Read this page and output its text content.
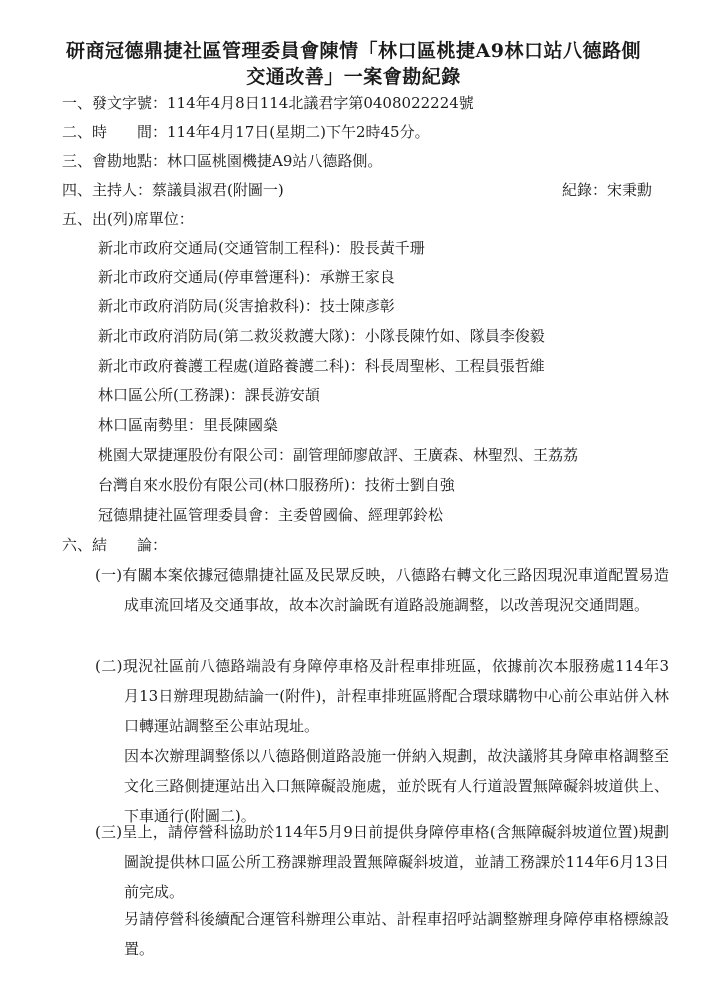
研商冠德鼎捷社區管理委員會陳情「林口區桃捷A9林口站八德路側
交通改善」一案會勘紀錄
一、發文字號：114年4月8日114北議君字第0408022224號
二、時　　間：114年4月17日(星期二)下午2時45分。
三、會勘地點：林口區桃園機捷A9站八德路側。
四、主持人：蔡議員淑君(附圖一)	紀錄：宋秉勳
五、出(列)席單位：
新北市政府交通局(交通管制工程科)：股長黃千珊
新北市政府交通局(停車營運科)：承辦王家良
新北市政府消防局(災害搶救科)：技士陳彥彰
新北市政府消防局(第二救災救護大隊)：小隊長陳竹如、隊員李俊毅
新北市政府養護工程處(道路養護二科)：科長周聖彬、工程員張哲維
林口區公所(工務課)：課長游安頡
林口區南勢里：里長陳國燊
桃園大眾捷運股份有限公司：副管理師廖啟評、王廣森、林聖烈、王荔荔
台灣自來水股份有限公司(林口服務所)：技術士劉自強
冠德鼎捷社區管理委員會：主委曾國倫、經理郭鈴松
六、結　　論：
(一)有關本案依據冠德鼎捷社區及民眾反映，八德路右轉文化三路因現況車道配置易造成車流回堵及交通事故，故本次討論既有道路設施調整，以改善現況交通問題。
(二)現況社區前八德路端設有身障停車格及計程車排班區，依據前次本服務處114年3月13日辦理現勘結論一(附件)，計程車排班區將配合環球購物中心前公車站併入林口轉運站調整至公車站現址。
因本次辦理調整係以八德路側道路設施一併納入規劃，故決議將其身障車格調整至文化三路側捷運站出入口無障礙設施處，並於既有人行道設置無障礙斜坡道供上、下車通行(附圖二)。
(三)呈上，請停營科協助於114年5月9日前提供身障停車格(含無障礙斜坡道位置)規劃圖說提供林口區公所工務課辦理設置無障礙斜坡道，並請工務課於114年6月13日前完成。
另請停營科後續配合運管科辦理公車站、計程車招呼站調整辦理身障停車格標線設置。
